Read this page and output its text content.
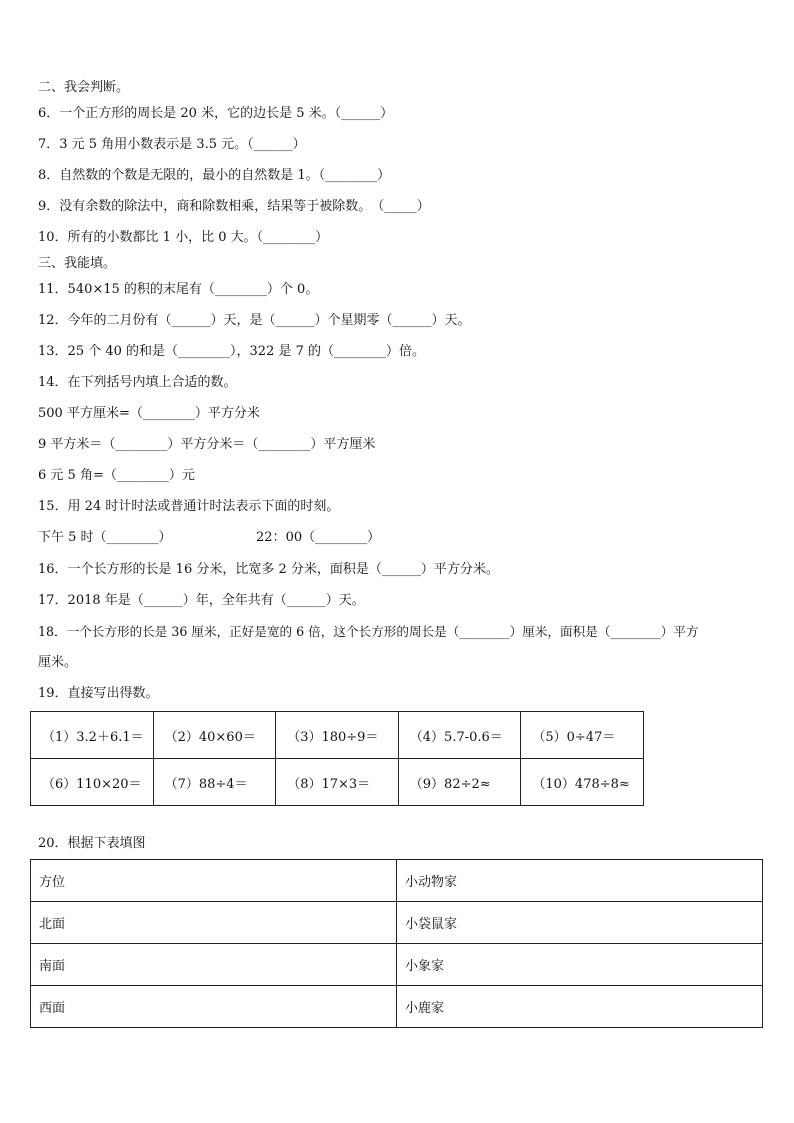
二、我会判断。
6．一个正方形的周长是 20 米，它的边长是 5 米。（______）
7．3 元 5 角用小数表示是 3.5 元。（______）
8．自然数的个数是无限的，最小的自然数是 1。（________）
9．没有余数的除法中，商和除数相乘，结果等于被除数。　（_____）
10．所有的小数都比 1 小，比 0 大。（________）
三、我能填。
11．540×15 的积的末尾有（________）个 0。
12．今年的二月份有（______）天，是（______）个星期零（______）天。
13．25 个 40 的和是（________），322 是 7 的（________）倍。
14．在下列括号内填上合适的数。
500 平方厘米=（________）平方分米
9 平方米＝（________）平方分米＝（________）平方厘米
6 元 5 角=（________）元
15．用 24 时计时法或普通计时法表示下面的时刻。
下午 5 时（________）　　　　　　　22：00（________）
16．一个长方形的长是 16 分米，比宽多 2 分米，面积是（______）平方分米。
17．2018 年是（______）年，全年共有（______）天。
18．一个长方形的长是 36 厘米，正好是宽的 6 倍，这个长方形的周长是（________）厘米，面积是（________）平方
厘米。
19．直接写出得数。
（1）3.2＋6.1＝	（2）40×60＝	（3）180÷9＝	（4）5.7-0.6＝	（5）0÷47＝
（6）110×20＝	（7）88÷4＝	（8）17×3＝	（9）82÷2≈	（10）478÷8≈
20．根据下表填图
方位	小动物家
北面	小袋鼠家
南面	小象家
西面	小鹿家
